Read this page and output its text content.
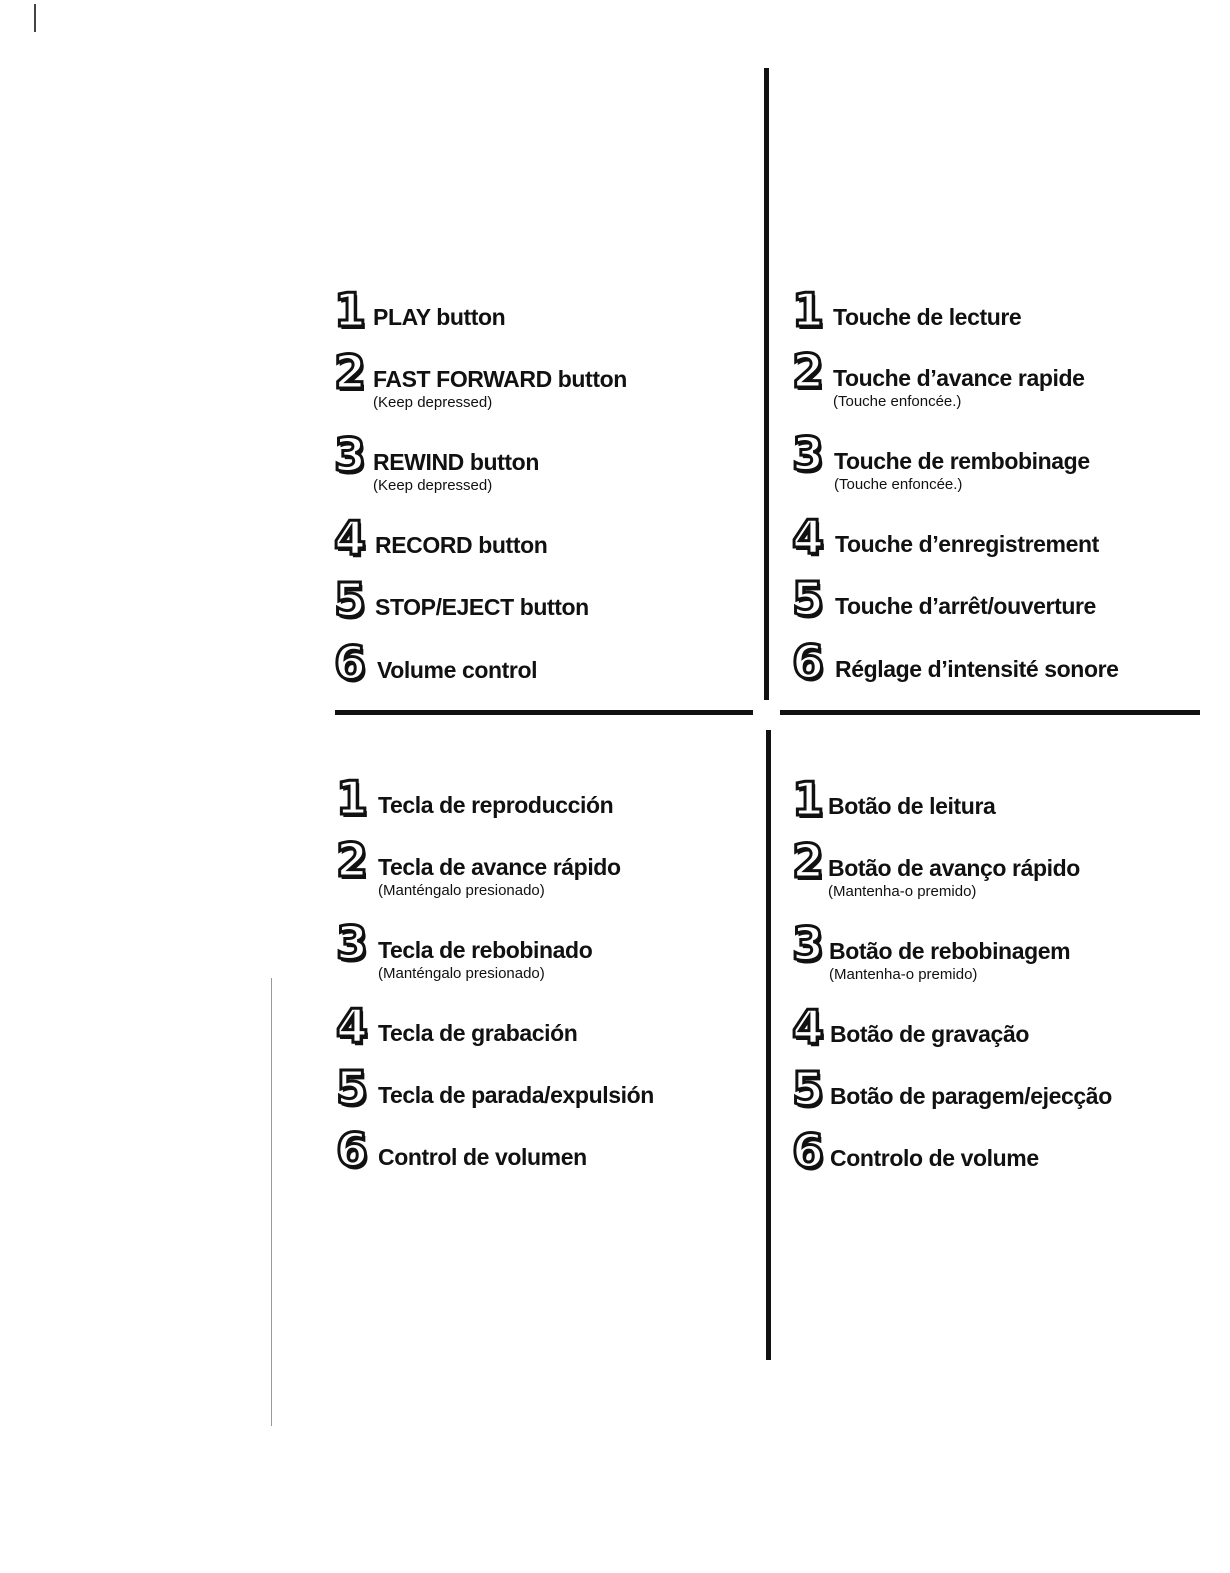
1 PLAY button
2 FAST FORWARD button
(Keep depressed)
3 REWIND button
(Keep depressed)
4 RECORD button
5 STOP/EJECT button
6 Volume control
1 Touche de lecture
2 Touche d’avance rapide
(Touche enfoncée.)
3 Touche de rembobinage
(Touche enfoncée.)
4 Touche d’enregistrement
5 Touche d’arrêt/ouverture
6 Réglage d’intensité sonore
1 Tecla de reproducción
2 Tecla de avance rápido
(Manténgalo presionado)
3 Tecla de rebobinado
(Manténgalo presionado)
4 Tecla de grabación
5 Tecla de parada/expulsión
6 Control de volumen
1 Botão de leitura
2 Botão de avanço rápido
(Mantenha-o premido)
3 Botão de rebobinagem
(Mantenha-o premido)
4 Botão de gravação
5 Botão de paragem/ejecção
6 Controlo de volume
